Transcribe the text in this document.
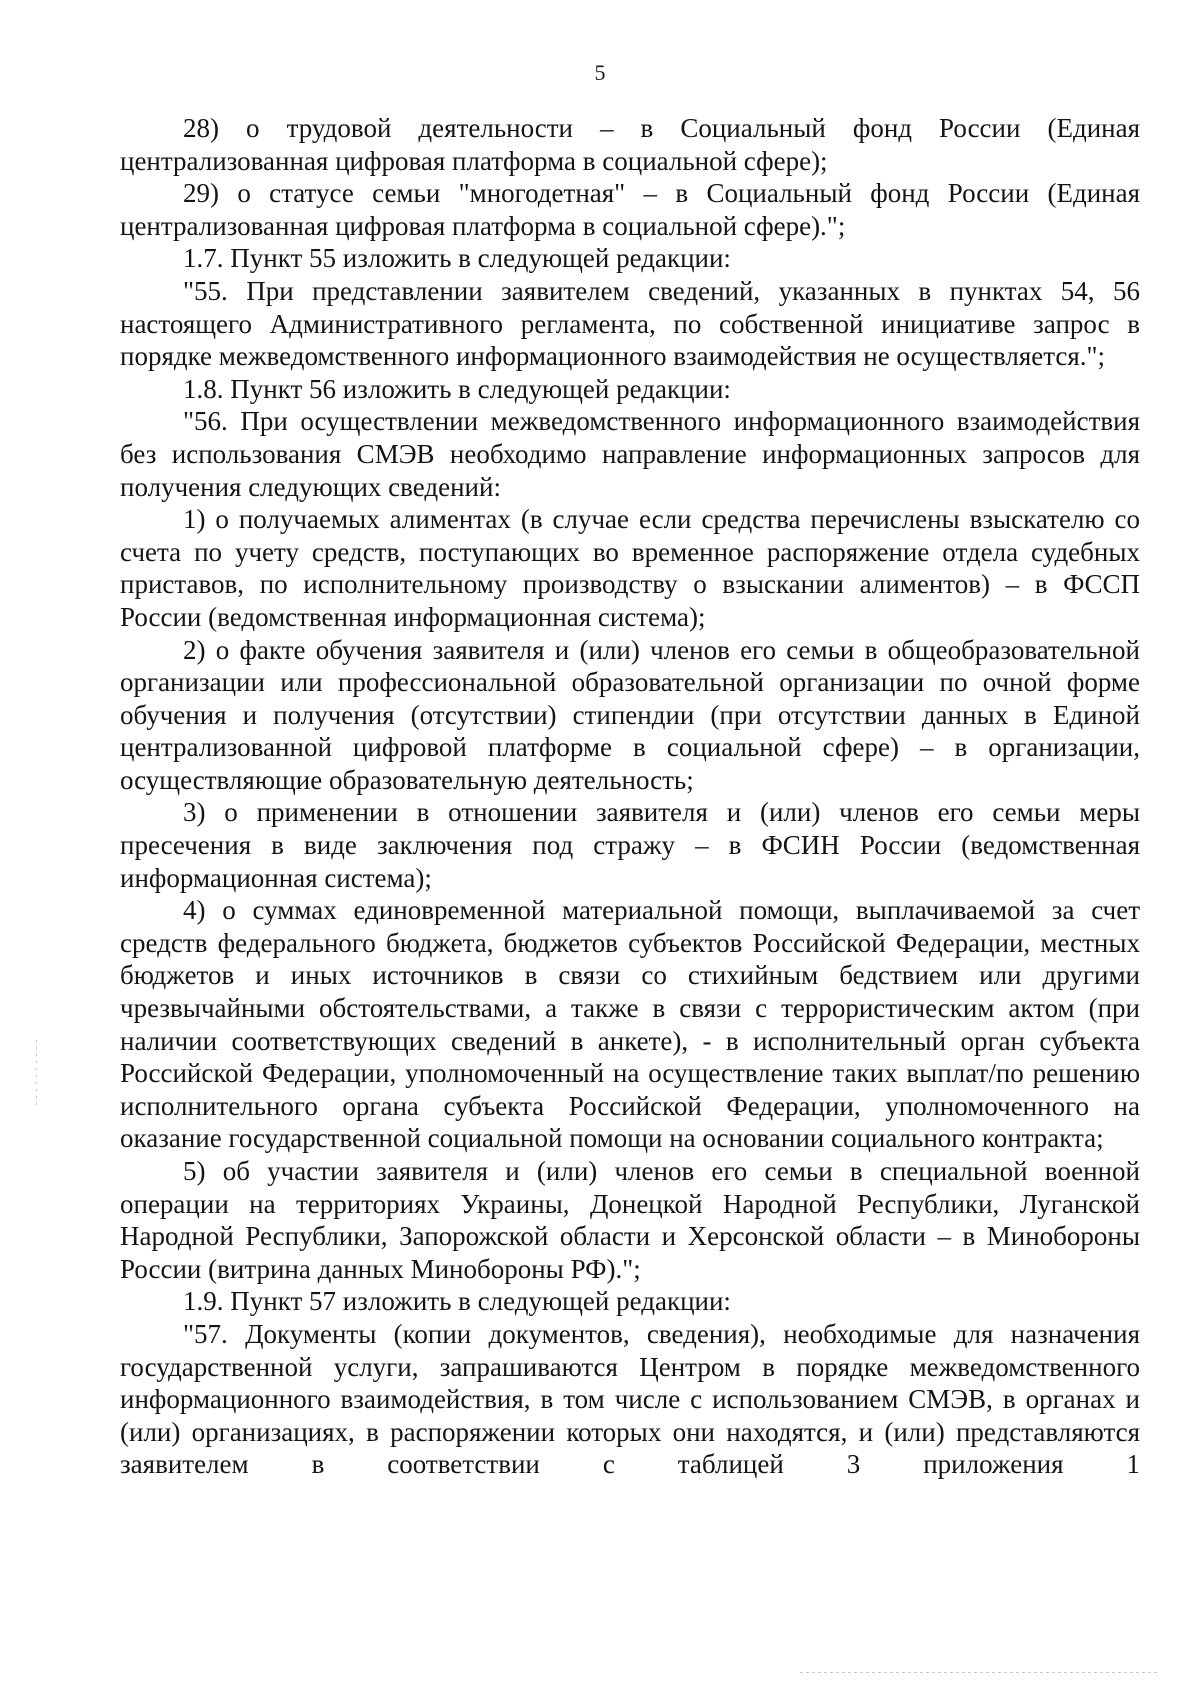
5

28) о трудовой деятельности – в Социальный фонд России (Единая централизованная цифровая платформа в социальной сфере);

29) о статусе семьи "многодетная" – в Социальный фонд России (Единая централизованная цифровая платформа в социальной сфере).";

1.7. Пункт 55 изложить в следующей редакции:

"55. При представлении заявителем сведений, указанных в пунктах 54, 56 настоящего Административного регламента, по собственной инициативе запрос в порядке межведомственного информационного взаимодействия не осуществляется.";

1.8. Пункт 56 изложить в следующей редакции:

"56. При осуществлении межведомственного информационного взаимодействия без использования СМЭВ необходимо направление информационных запросов для получения следующих сведений:

1) о получаемых алиментах (в случае если средства перечислены взыскателю со счета по учету средств, поступающих во временное распоряжение отдела судебных приставов, по исполнительному производству о взыскании алиментов) – в ФССП России (ведомственная информационная система);

2) о факте обучения заявителя и (или) членов его семьи в общеобразовательной организации или профессиональной образовательной организации по очной форме обучения и получения (отсутствии) стипендии (при отсутствии данных в Единой централизованной цифровой платформе в социальной сфере) – в организации, осуществляющие образовательную деятельность;

3) о применении в отношении заявителя и (или) членов его семьи меры пресечения в виде заключения под стражу – в ФСИН России (ведомственная информационная система);

4) о суммах единовременной материальной помощи, выплачиваемой за счет средств федерального бюджета, бюджетов субъектов Российской Федерации, местных бюджетов и иных источников в связи со стихийным бедствием или другими чрезвычайными обстоятельствами, а также в связи с террористическим актом (при наличии соответствующих сведений в анкете), - в исполнительный орган субъекта Российской Федерации, уполномоченный на осуществление таких выплат/по решению исполнительного органа субъекта Российской Федерации, уполномоченного на оказание государственной социальной помощи на основании социального контракта;

5) об участии заявителя и (или) членов его семьи в специальной военной операции на территориях Украины, Донецкой Народной Республики, Луганской Народной Республики, Запорожской области и Херсонской области – в Минобороны России (витрина данных Минобороны РФ).";

1.9. Пункт 57 изложить в следующей редакции:

"57. Документы (копии документов, сведения), необходимые для назначения государственной услуги, запрашиваются Центром в порядке межведомственного информационного взаимодействия, в том числе с использованием СМЭВ, в органах и (или) организациях, в распоряжении которых они находятся, и (или) представляются заявителем в соответствии с таблицей 3 приложения 1
